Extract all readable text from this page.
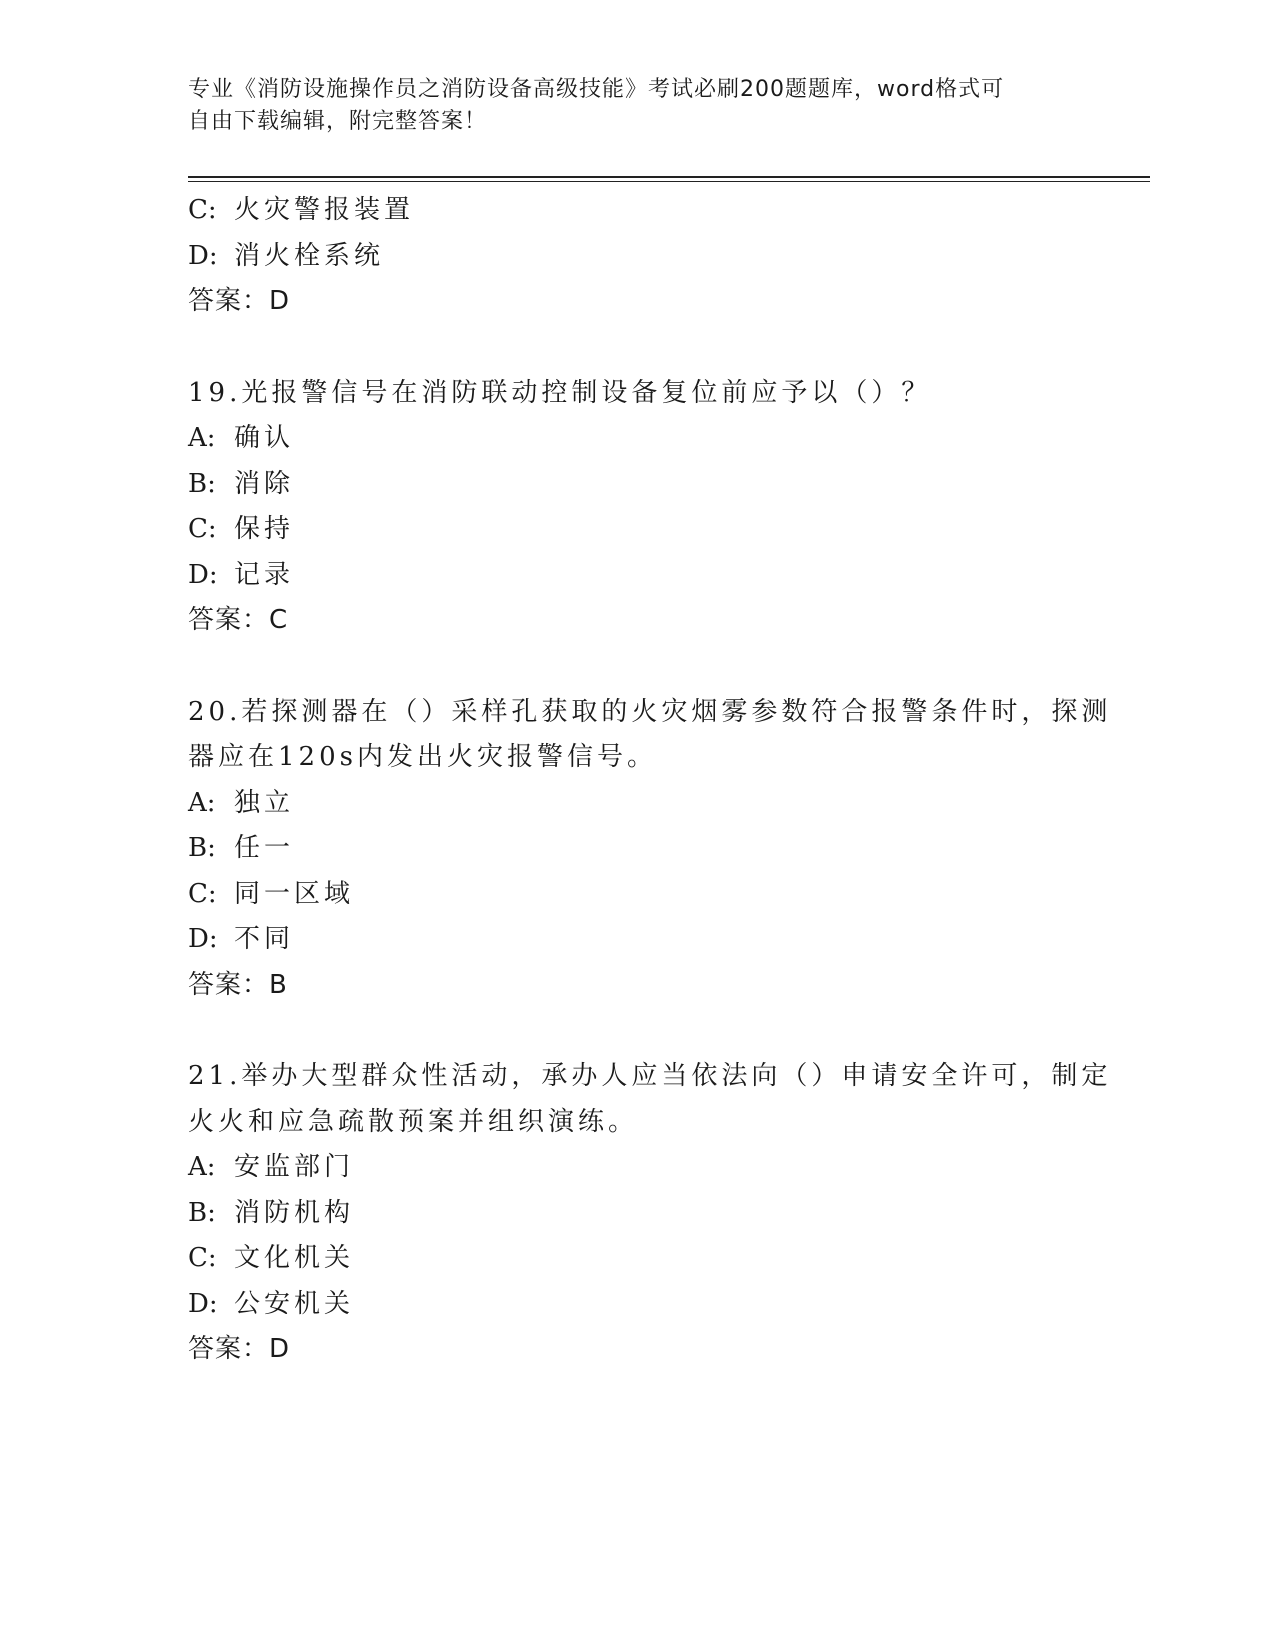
专业《消防设施操作员之消防设备高级技能》考试必刷200题题库，word格式可
自由下载编辑，附完整答案！
C: 火灾警报装置
D: 消火栓系统
答案：D
19.光报警信号在消防联动控制设备复位前应予以（）？
A: 确认
B: 消除
C: 保持
D: 记录
答案：C
20.若探测器在（）采样孔获取的火灾烟雾参数符合报警条件时，探测
器应在120s内发出火灾报警信号。
A: 独立
B: 任一
C: 同一区域
D: 不同
答案：B
21.举办大型群众性活动，承办人应当依法向（）申请安全许可，制定
火火和应急疏散预案并组织演练。
A: 安监部门
B: 消防机构
C: 文化机关
D: 公安机关
答案：D
